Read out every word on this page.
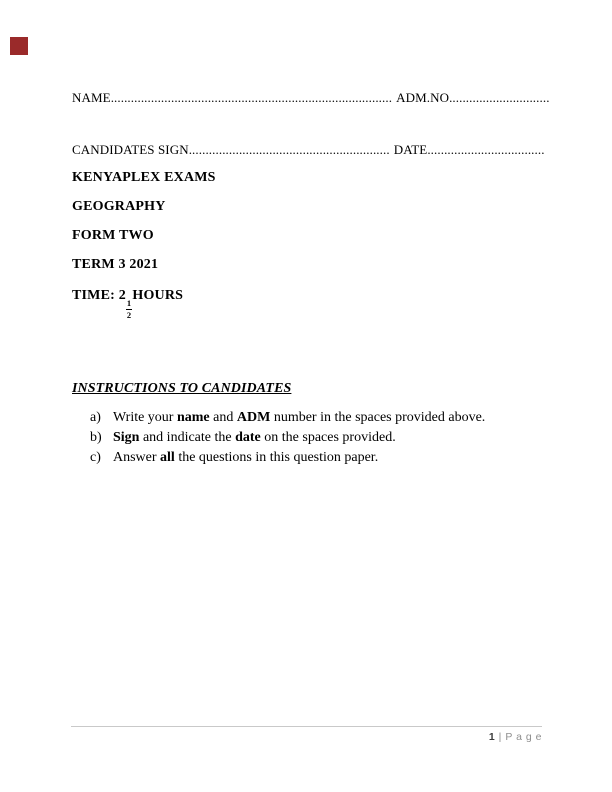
NAME.................................................................................... ADM.NO..............................
CANDIDATES SIGN............................................................ DATE...................................
KENYAPLEX EXAMS
GEOGRAPHY
FORM TWO
TERM 3 2021
TIME: 2
$\frac{1}{2}$
HOURS
INSTRUCTIONS TO CANDIDATES
a) Write your name and ADM number in the spaces provided above.
b) Sign and indicate the date on the spaces provided.
c) Answer all the questions in this question paper.
1 | P a g e
